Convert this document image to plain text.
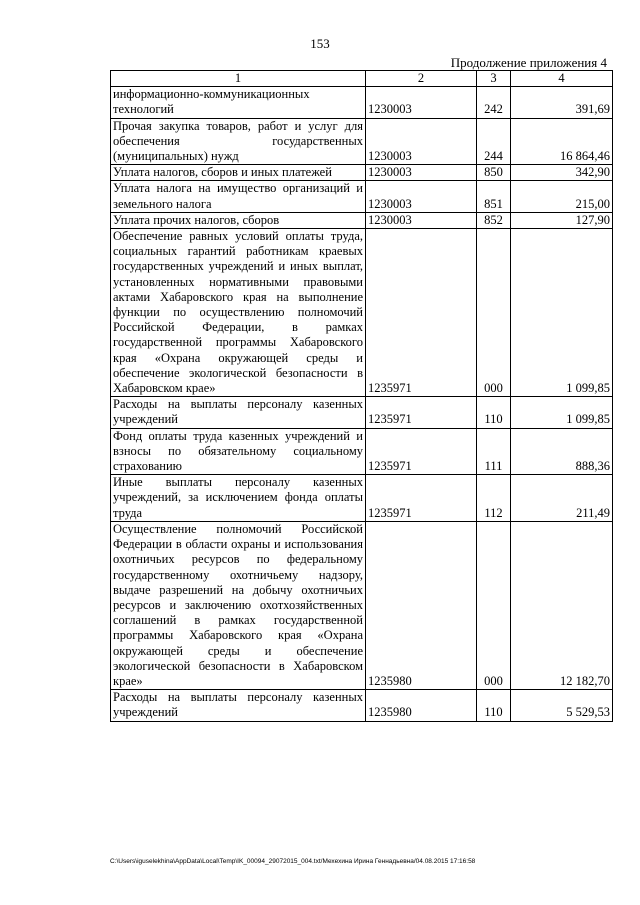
153
Продолжение приложения 4
1	2	3	4
информационно-коммуникационных технологий	1230003	242	391,69
Прочая закупка товаров, работ и услуг для обеспечения государственных (муниципальных) нужд	1230003	244	16 864,46
Уплата налогов, сборов и иных платежей	1230003	850	342,90
Уплата налога на имущество организаций и земельного налога	1230003	851	215,00
Уплата прочих налогов, сборов	1230003	852	127,90
Обеспечение равных условий оплаты труда, социальных гарантий работникам краевых государственных учреждений и иных выплат, установленных нормативными правовыми актами Хабаровского края на выполнение функции по осуществлению полномочий Российской Федерации, в рамках государственной программы Хабаровского края «Охрана окружающей среды и обеспечение экологической безопасности в Хабаровском крае»	1235971	000	1 099,85
Расходы на выплаты персоналу казенных учреждений	1235971	110	1 099,85
Фонд оплаты труда казенных учреждений и взносы по обязательному социальному страхованию	1235971	111	888,36
Иные выплаты персоналу казенных учреждений, за исключением фонда оплаты труда	1235971	112	211,49
Осуществление полномочий Российской Федерации в области охраны и использования охотничьих ресурсов по федеральному государственному охотничьему надзору, выдаче разрешений на добычу охотничьих ресурсов и заключению охотхозяйственных соглашений в рамках государственной программы Хабаровского края «Охрана окружающей среды и обеспечение экологической безопасности в Хабаровском крае»	1235980	000	12 182,70
Расходы на выплаты персоналу казенных учреждений	1235980	110	5 529,53
C:\Users\iguselekhina\AppData\Local\Temp\IK_00094_29072015_004.txt/Мехехина Ирина Геннадьевна/04.08.2015 17:16:58
